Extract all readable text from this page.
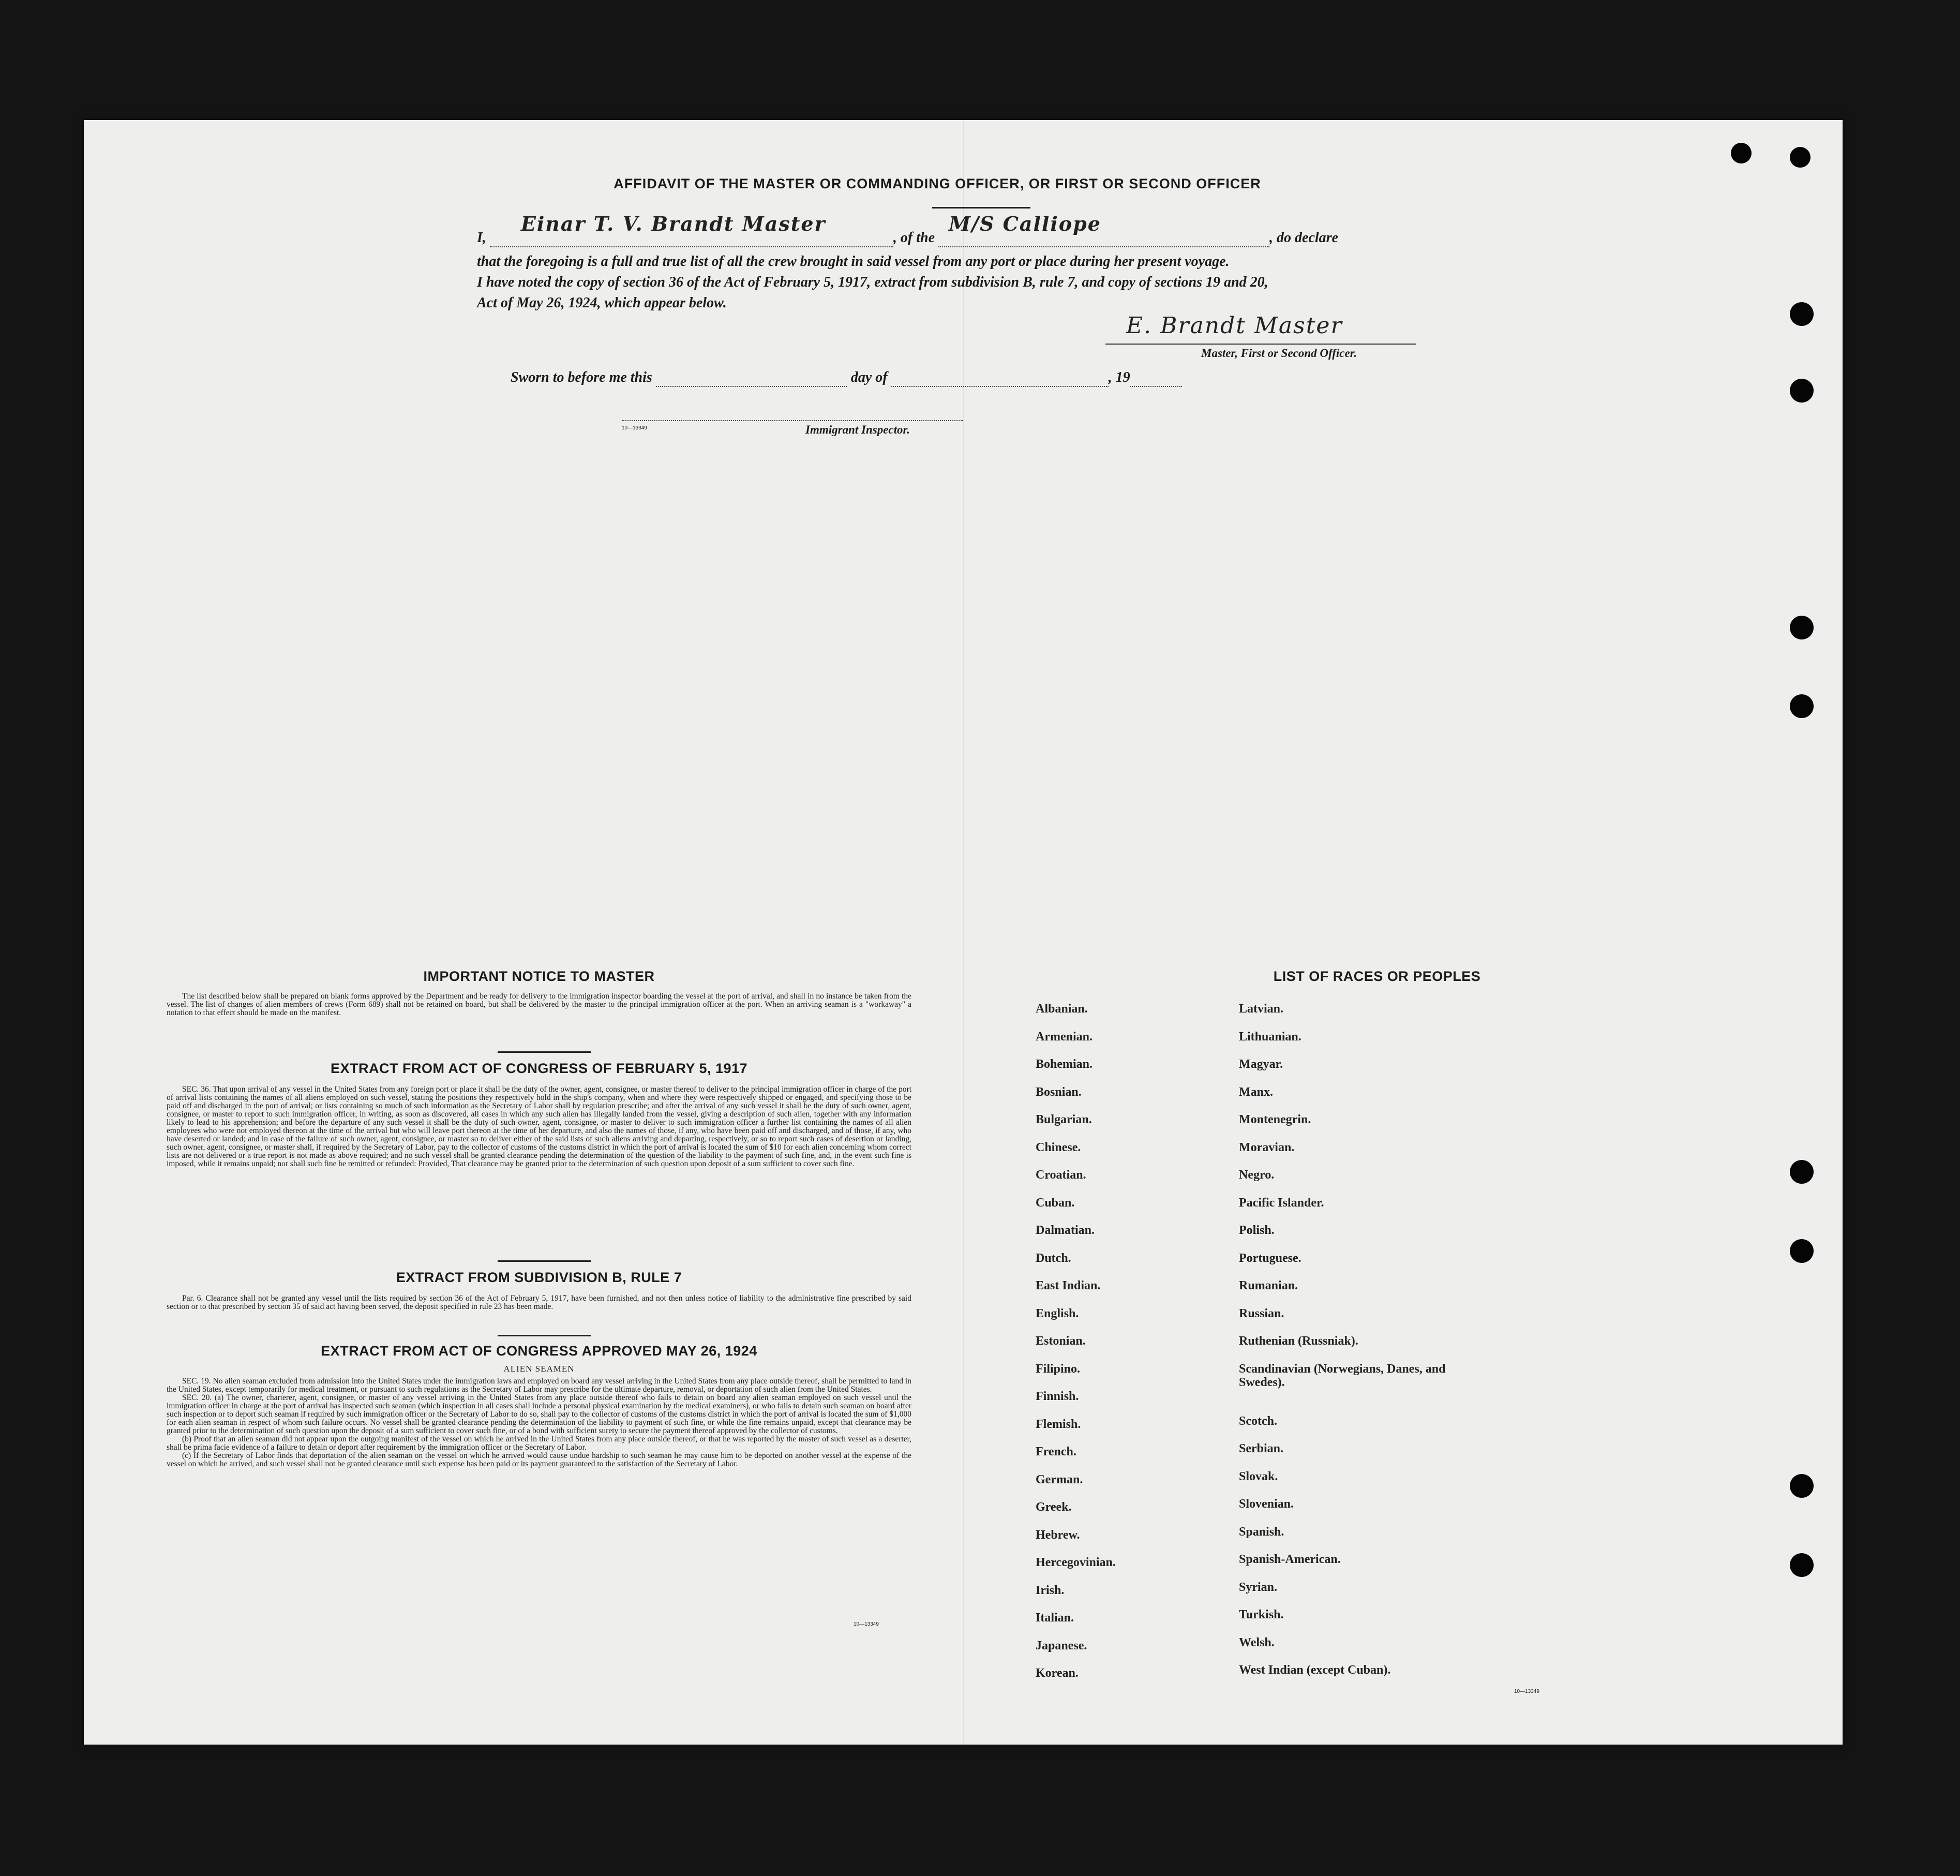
AFFIDAVIT OF THE MASTER OR COMMANDING OFFICER, OR FIRST OR SECOND OFFICER
I,
Einar T. V. Brandt Master
, of the
M/S Calliope
, do declare
that the foregoing is a full and true list of all the crew brought in said vessel from any port or place during her present voyage.
I have noted the copy of section 36 of the Act of February 5, 1917, extract from subdivision B, rule 7, and copy of sections 19 and 20,
Act of May 26, 1924, which appear below.
E. Brandt Master
Master, First or Second Officer.
Sworn to before me this	day of	, 19
10—13349	Immigrant Inspector.
IMPORTANT NOTICE TO MASTER

The list described below shall be prepared on blank forms approved by the Department and be ready for delivery to the immigration inspector boarding the vessel at the port of arrival, and shall in no instance be taken from the vessel. The list of changes of alien members of crews (Form 689) shall not be retained on board, but shall be delivered by the master to the principal immigration officer at the port. When an arriving seaman is a "workaway" a notation to that effect should be made on the manifest.

EXTRACT FROM ACT OF CONGRESS OF FEBRUARY 5, 1917

SEC. 36. That upon arrival of any vessel in the United States from any foreign port or place it shall be the duty of the owner, agent, consignee, or master thereof to deliver to the principal immigration officer in charge of the port of arrival lists containing the names of all aliens employed on such vessel, stating the positions they respectively hold in the ship's company, when and where they were respectively shipped or engaged, and specifying those to be paid off and discharged in the port of arrival; or lists containing so much of such information as the Secretary of Labor shall by regulation prescribe; and after the arrival of any such vessel it shall be the duty of such owner, agent, consignee, or master to report to such immigration officer, in writing, as soon as discovered, all cases in which any such alien has illegally landed from the vessel, giving a description of such alien, together with any information likely to lead to his apprehension; and before the departure of any such vessel it shall be the duty of such owner, agent, consignee, or master to deliver to such immigration officer a further list containing the names of all alien employees who were not employed thereon at the time of the arrival but who will leave port thereon at the time of her departure, and also the names of those, if any, who have been paid off and discharged, and of those, if any, who have deserted or landed; and in case of the failure of such owner, agent, consignee, or master so to deliver either of the said lists of such aliens arriving and departing, respectively, or so to report such cases of desertion or landing, such owner, agent, consignee, or master shall, if required by the Secretary of Labor, pay to the collector of customs of the customs district in which the port of arrival is located the sum of $10 for each alien concerning whom correct lists are not delivered or a true report is not made as above required; and no such vessel shall be granted clearance pending the determination of the question of the liability to the payment of such fine, and, in the event such fine is imposed, while it remains unpaid; nor shall such fine be remitted or refunded: Provided, That clearance may be granted prior to the determination of such question upon deposit of a sum sufficient to cover such fine.

EXTRACT FROM SUBDIVISION B, RULE 7

Par. 6. Clearance shall not be granted any vessel until the lists required by section 36 of the Act of February 5, 1917, have been furnished, and not then unless notice of liability to the administrative fine prescribed by said section or to that prescribed by section 35 of said act having been served, the deposit specified in rule 23 has been made.

EXTRACT FROM ACT OF CONGRESS APPROVED MAY 26, 1924
ALIEN SEAMEN

SEC. 19. No alien seaman excluded from admission into the United States under the immigration laws and employed on board any vessel arriving in the United States from any place outside thereof, shall be permitted to land in the United States, except temporarily for medical treatment, or pursuant to such regulations as the Secretary of Labor may prescribe for the ultimate departure, removal, or deportation of such alien from the United States.

SEC. 20. (a) The owner, charterer, agent, consignee, or master of any vessel arriving in the United States from any place outside thereof who fails to detain on board any alien seaman employed on such vessel until the immigration officer in charge at the port of arrival has inspected such seaman (which inspection in all cases shall include a personal physical examination by the medical examiners), or who fails to detain such seaman on board after such inspection or to deport such seaman if required by such immigration officer or the Secretary of Labor to do so, shall pay to the collector of customs of the customs district in which the port of arrival is located the sum of $1,000 for each alien seaman in respect of whom such failure occurs. No vessel shall be granted clearance pending the determination of the liability to payment of such fine, or while the fine remains unpaid, except that clearance may be granted prior to the determination of such question upon the deposit of a sum sufficient to cover such fine, or of a bond with sufficient surety to secure the payment thereof approved by the collector of customs.

(b) Proof that an alien seaman did not appear upon the outgoing manifest of the vessel on which he arrived in the United States from any place outside thereof, or that he was reported by the master of such vessel as a deserter, shall be prima facie evidence of a failure to detain or deport after requirement by the immigration officer or the Secretary of Labor.

(c) If the Secretary of Labor finds that deportation of the alien seaman on the vessel on which he arrived would cause undue hardship to such seaman he may cause him to be deported on another vessel at the expense of the vessel on which he arrived, and such vessel shall not be granted clearance until such expense has been paid or its payment guaranteed to the satisfaction of the Secretary of Labor.

10—13349
LIST OF RACES OR PEOPLES
Albanian.
Armenian.
Bohemian.
Bosnian.
Bulgarian.
Chinese.
Croatian.
Cuban.
Dalmatian.
Dutch.
East Indian.
English.
Estonian.
Filipino.
Finnish.
Flemish.
French.
German.
Greek.
Hebrew.
Hercegovinian.
Irish.
Italian.
Japanese.
Korean.
Latvian.
Lithuanian.
Magyar.
Manx.
Montenegrin.
Moravian.
Negro.
Pacific Islander.
Polish.
Portuguese.
Rumanian.
Russian.
Ruthenian (Russniak).
Scandinavian (Norwegians, Danes, and Swedes).
Scotch.
Serbian.
Slovak.
Slovenian.
Spanish.
Spanish-American.
Syrian.
Turkish.
Welsh.
West Indian (except Cuban).
10—13349
